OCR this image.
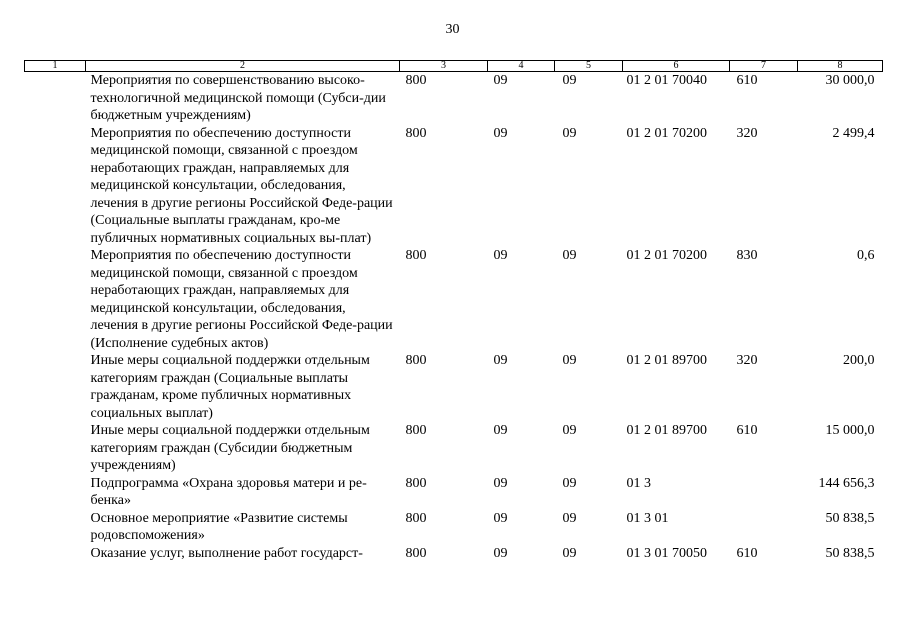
30
1	2	3	4	5	6	7	8
	Мероприятия по совершенствованию высоко-технологичной медицинской помощи (Субси-дии бюджетным учреждениям)	800	09	09	01 2 01 70040	610	30 000,0
	Мероприятия по обеспечению доступности медицинской помощи, связанной с проездом неработающих граждан, направляемых для медицинской консультации, обследования, лечения в другие регионы Российской Феде-рации (Социальные выплаты гражданам, кро-ме публичных нормативных социальных вы-плат)	800	09	09	01 2 01 70200	320	2 499,4
	Мероприятия по обеспечению доступности медицинской помощи, связанной с проездом неработающих граждан, направляемых для медицинской консультации, обследования, лечения в другие регионы Российской Феде-рации (Исполнение судебных актов)	800	09	09	01 2 01 70200	830	0,6
	Иные меры социальной поддержки отдельным категориям граждан (Социальные выплаты гражданам, кроме публичных нормативных социальных выплат)	800	09	09	01 2 01 89700	320	200,0
	Иные меры социальной поддержки отдельным категориям граждан (Субсидии бюджетным учреждениям)	800	09	09	01 2 01 89700	610	15 000,0
	Подпрограмма «Охрана здоровья матери и ре-бенка»	800	09	09	01 3		144 656,3
	Основное мероприятие «Развитие системы родовспоможения»	800	09	09	01 3 01		50 838,5
	Оказание услуг, выполнение работ государст-	800	09	09	01 3 01 70050	610	50 838,5
